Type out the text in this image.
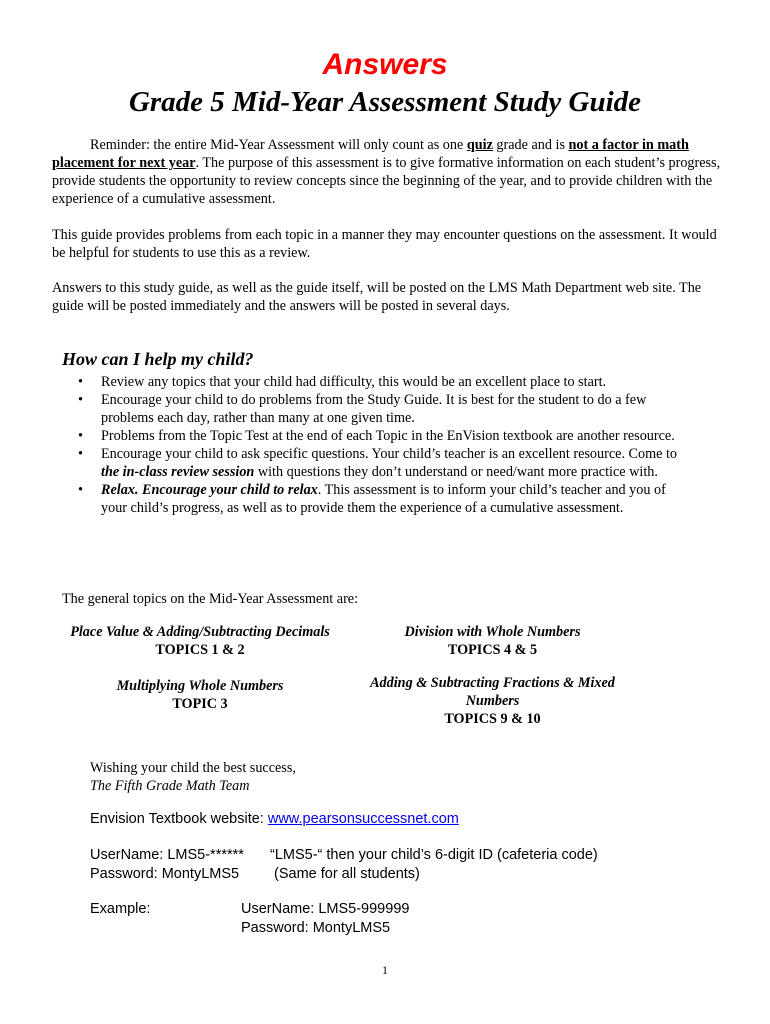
Answers
Grade 5 Mid-Year Assessment Study Guide
Reminder: the entire Mid-Year Assessment will only count as one quiz grade and is not a factor in math placement for next year. The purpose of this assessment is to give formative information on each student’s progress, provide students the opportunity to review concepts since the beginning of the year, and to provide children with the experience of a cumulative assessment.
This guide provides problems from each topic in a manner they may encounter questions on the assessment. It would be helpful for students to use this as a review.
Answers to this study guide, as well as the guide itself, will be posted on the LMS Math Department web site. The guide will be posted immediately and the answers will be posted in several days.
How can I help my child?
• Review any topics that your child had difficulty, this would be an excellent place to start.
• Encourage your child to do problems from the Study Guide. It is best for the student to do a few problems each day, rather than many at one given time.
• Problems from the Topic Test at the end of each Topic in the EnVision textbook are another resource.
• Encourage your child to ask specific questions. Your child’s teacher is an excellent resource. Come to the in-class review session with questions they don’t understand or need/want more practice with.
• Relax. Encourage your child to relax. This assessment is to inform your child’s teacher and you of your child’s progress, as well as to provide them the experience of a cumulative assessment.
The general topics on the Mid-Year Assessment are:
Place Value & Adding/Subtracting Decimals
TOPICS 1 & 2
Division with Whole Numbers
TOPICS 4 & 5
Multiplying Whole Numbers
TOPIC 3
Adding & Subtracting Fractions & Mixed
Numbers
TOPICS 9 & 10
Wishing your child the best success,
The Fifth Grade Math Team
Envision Textbook website: www.pearsonsuccessnet.com
UserName: LMS5-****** “LMS5-“ then your child’s 6-digit ID (cafeteria code)
Password: MontyLMS5 (Same for all students)
Example:	UserName: LMS5-999999
Password: MontyLMS5
1
